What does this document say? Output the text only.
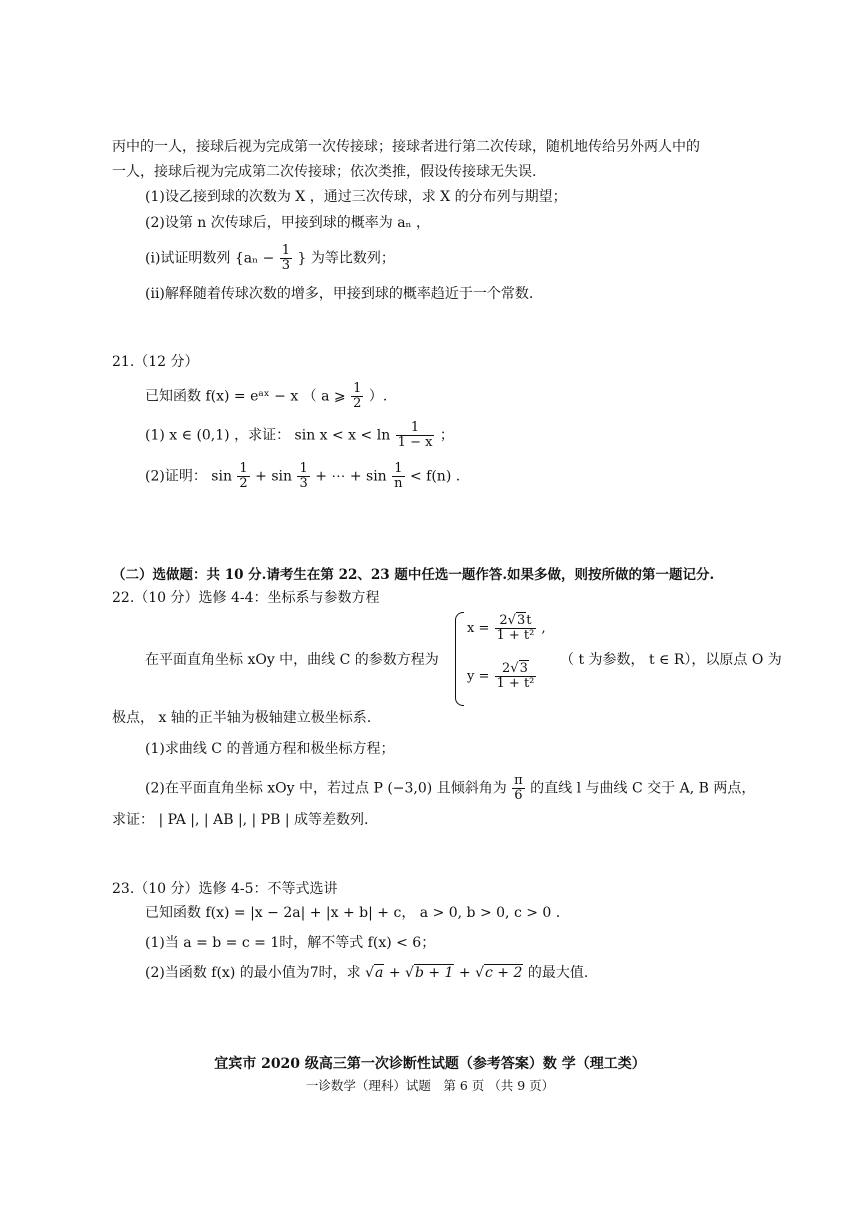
丙中的一人，接球后视为完成第一次传接球；接球者进行第二次传球，随机地传给另外两人中的
一人，接球后视为完成第二次传接球；依次类推，假设传接球无失误.
(1)设乙接到球的次数为 X ，通过三次传球，求 X 的分布列与期望；
(2)设第 n 次传球后，甲接到球的概率为 aₙ ，
(i)试证明数列 {$a_n - \frac{1}{3}$ } 为等比数列；
(ii)解释随着传球次数的增多，甲接到球的概率趋近于一个常数.
21.（12 分）
已知函数 f(x) = eᵃˣ − x （ a ⩾ $\frac{1}{2}$ ）.
(1) x ∈ (0,1) ，求证： $\sin x < x < \ln \frac{1}{1 - x}$ ；
(2)证明： $\sin \frac{1}{2} + \sin \frac{1}{3}$ + ⋯ + $\sin \frac{1}{n} < f(n)$ .
（二）选做题：共 10 分.请考生在第 22、23 题中任选一题作答.如果多做，则按所做的第一题记分.
22.（10 分）选修 4-4：坐标系与参数方程
在平面直角坐标 xOy 中，曲线 C 的参数方程为
$x = \frac{2√3t}{\text{1 + t²}}$ ,
$y = \frac{2√3}{\text{1 + t²}}$
（ t 为参数， t ∈ R），以原点 O 为
极点， x 轴的正半轴为极轴建立极坐标系.
(1)求曲线 C 的普通方程和极坐标方程；
(2)在平面直角坐标 xOy 中，若过点 P (−3,0) 且倾斜角为 $\frac{\pi}{6}$ 的直线 l 与曲线 C 交于 A, B 两点，
求证： | PA |, | AB |, | PB | 成等差数列.
23.（10 分）选修 4-5：不等式选讲
已知函数 f(x) = |x − 2a| + |x + b| + c， a > 0, b > 0, c > 0 .
(1)当 a = b = c = 1时，解不等式 f(x) < 6；
(2)当函数 f(x) 的最小值为7时，求 √a + √b + 1 + √c + 2 的最大值.
宜宾市 2020 级高三第一次诊断性试题（参考答案）数 学（理工类）
一诊数学（理科）试题　第 6 页 （共 9 页）
